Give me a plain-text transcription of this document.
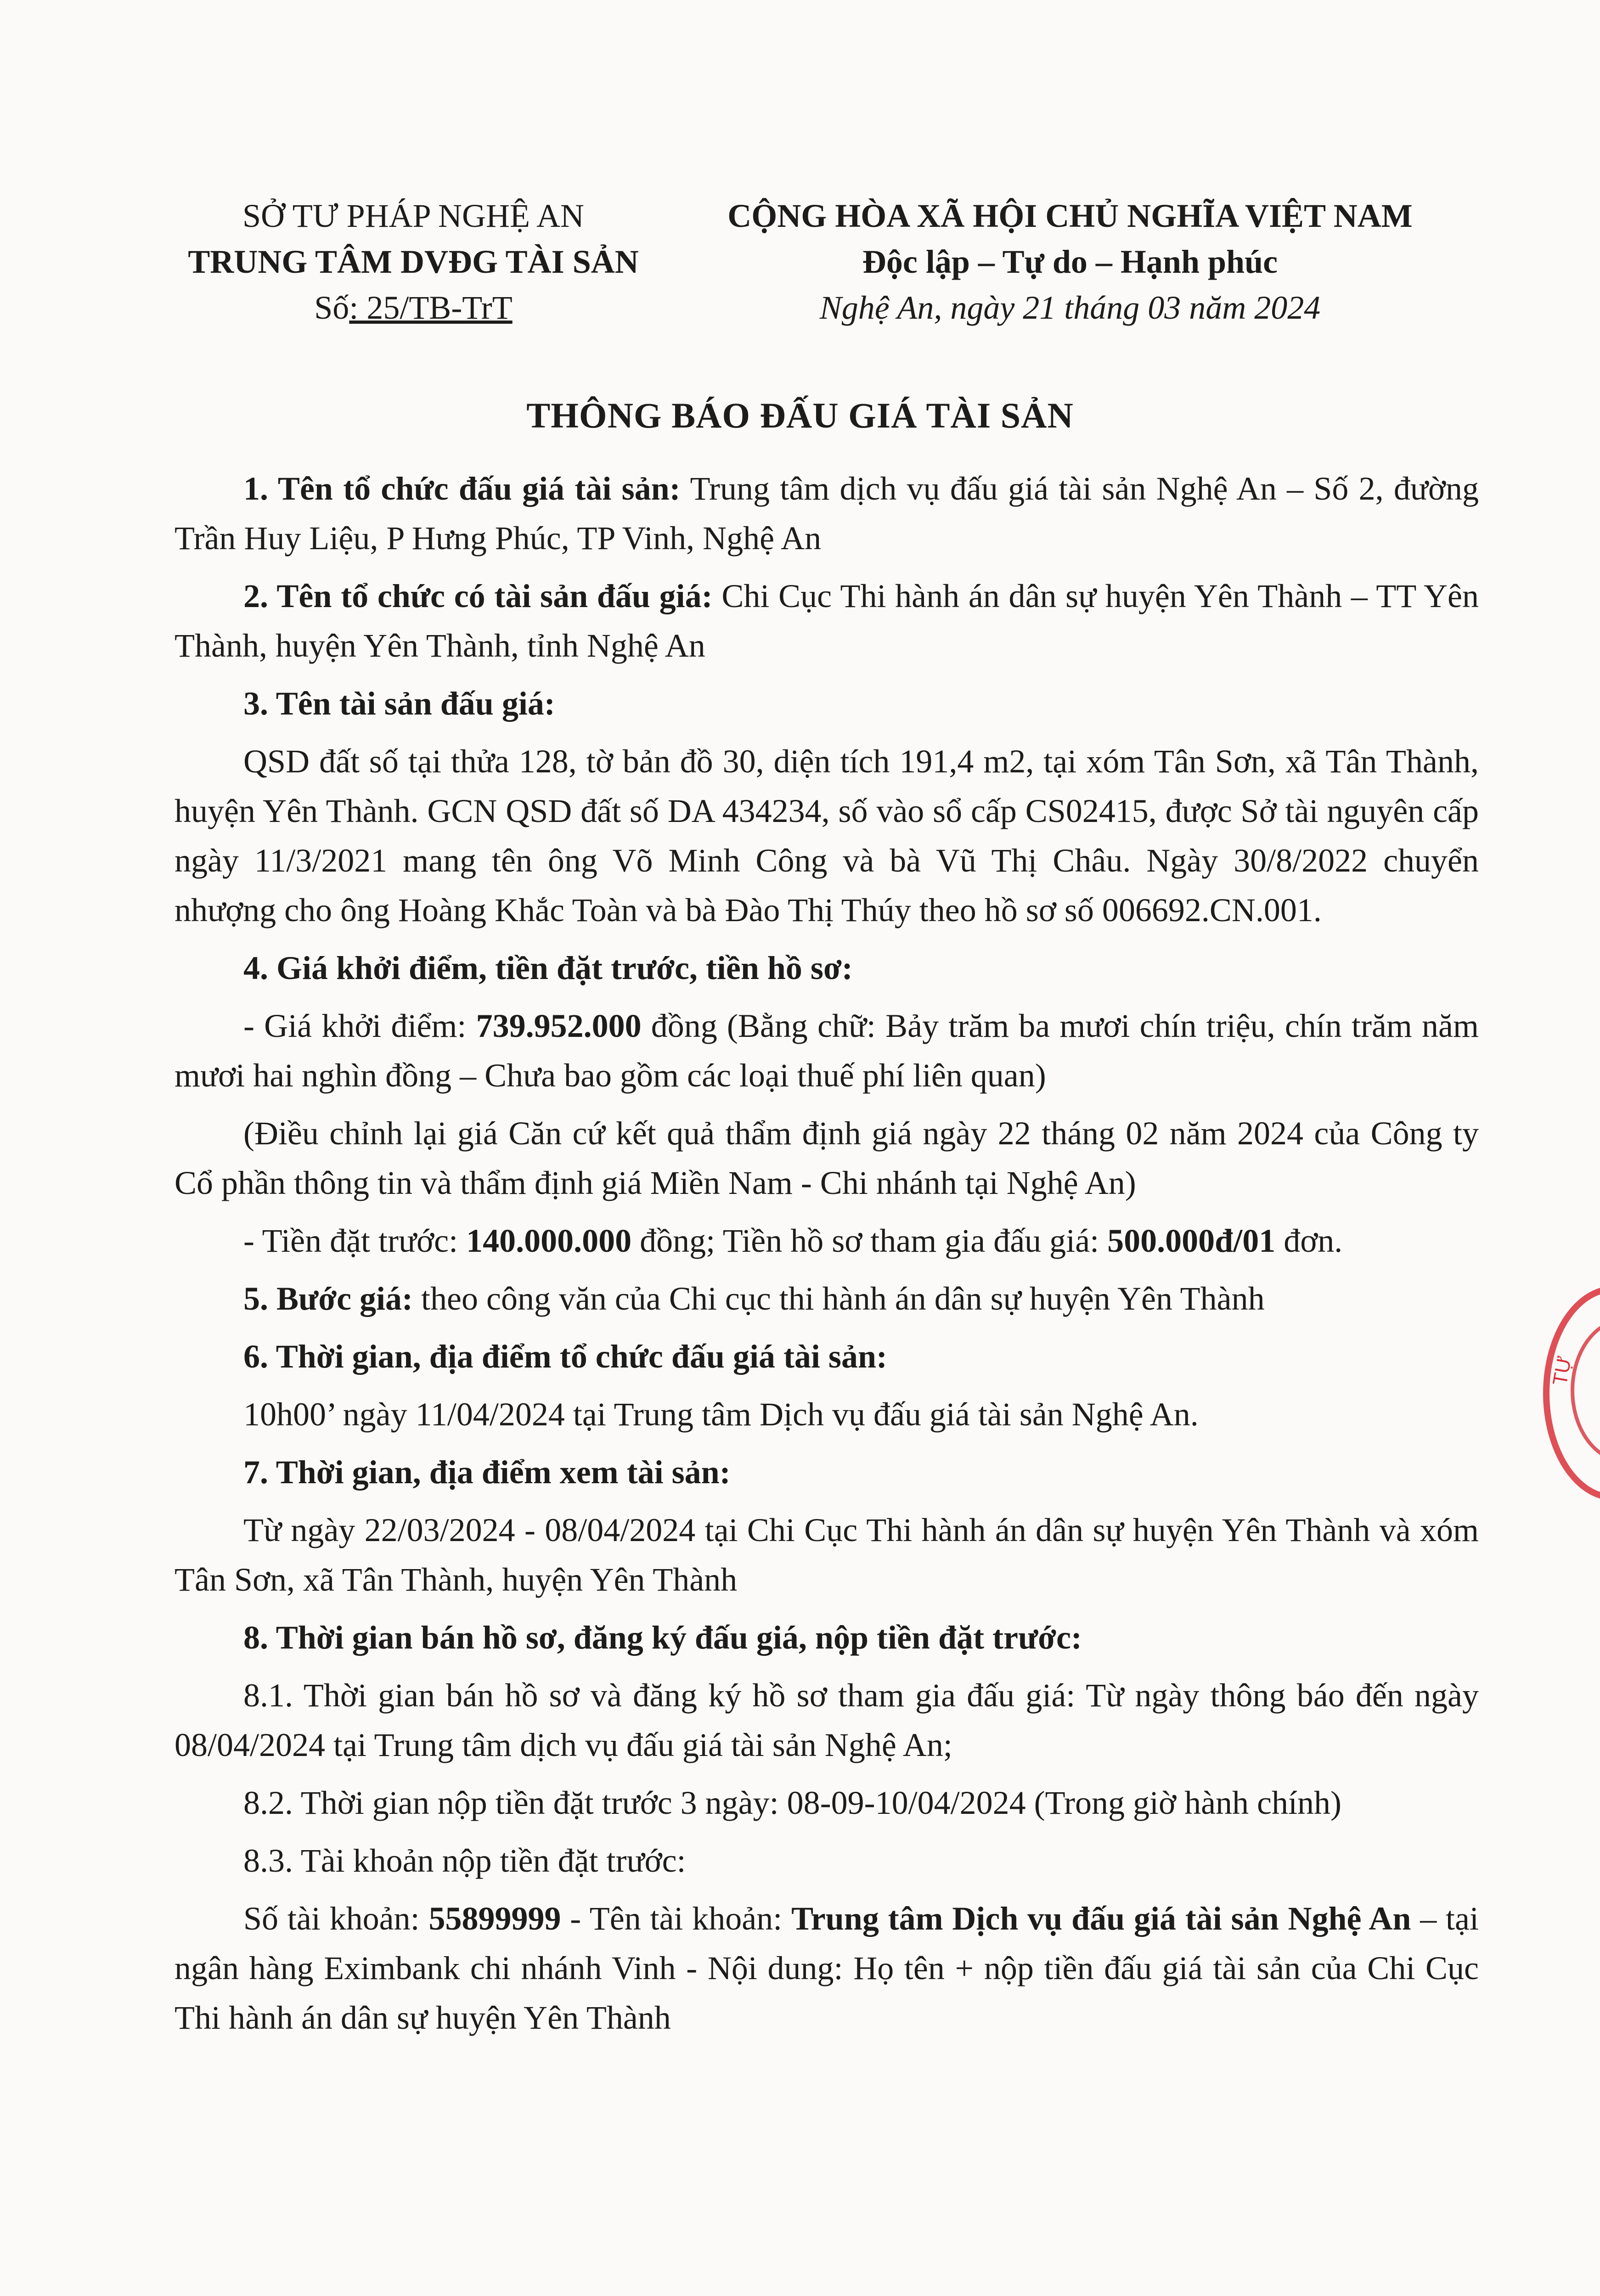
SỞ TƯ PHÁP NGHỆ AN
TRUNG TÂM DVĐG TÀI SẢN
Số: 25/TB-TrT
CỘNG HÒA XÃ HỘI CHỦ NGHĨA VIỆT NAM
Độc lập – Tự do – Hạnh phúc
Nghệ An, ngày 21 tháng 03 năm 2024
THÔNG BÁO ĐẤU GIÁ TÀI SẢN

1. Tên tổ chức đấu giá tài sản: Trung tâm dịch vụ đấu giá tài sản Nghệ An – Số 2, đường Trần Huy Liệu, P Hưng Phúc, TP Vinh, Nghệ An

2. Tên tổ chức có tài sản đấu giá: Chi Cục Thi hành án dân sự huyện Yên Thành – TT Yên Thành, huyện Yên Thành, tỉnh Nghệ An

3. Tên tài sản đấu giá:

QSD đất số tại thửa 128, tờ bản đồ 30, diện tích 191,4 m2, tại xóm Tân Sơn, xã Tân Thành, huyện Yên Thành. GCN QSD đất số DA 434234, số vào sổ cấp CS02415, được Sở tài nguyên cấp ngày 11/3/2021 mang tên ông Võ Minh Công và bà Vũ Thị Châu. Ngày 30/8/2022 chuyển nhượng cho ông Hoàng Khắc Toàn và bà Đào Thị Thúy theo hồ sơ số 006692.CN.001.

4. Giá khởi điểm, tiền đặt trước, tiền hồ sơ:

- Giá khởi điểm: 739.952.000 đồng (Bằng chữ: Bảy trăm ba mươi chín triệu, chín trăm năm mươi hai nghìn đồng – Chưa bao gồm các loại thuế phí liên quan)

(Điều chỉnh lại giá Căn cứ kết quả thẩm định giá ngày 22 tháng 02 năm 2024 của Công ty Cổ phần thông tin và thẩm định giá Miền Nam - Chi nhánh tại Nghệ An)

- Tiền đặt trước: 140.000.000 đồng; Tiền hồ sơ tham gia đấu giá: 500.000đ/01 đơn.

5. Bước giá: theo công văn của Chi cục thi hành án dân sự huyện Yên Thành

6. Thời gian, địa điểm tổ chức đấu giá tài sản:

10h00’ ngày 11/04/2024 tại Trung tâm Dịch vụ đấu giá tài sản Nghệ An.

7. Thời gian, địa điểm xem tài sản:

Từ ngày 22/03/2024 - 08/04/2024 tại Chi Cục Thi hành án dân sự huyện Yên Thành và xóm Tân Sơn, xã Tân Thành, huyện Yên Thành

8. Thời gian bán hồ sơ, đăng ký đấu giá, nộp tiền đặt trước:

8.1. Thời gian bán hồ sơ và đăng ký hồ sơ tham gia đấu giá: Từ ngày thông báo đến ngày 08/04/2024 tại Trung tâm dịch vụ đấu giá tài sản Nghệ An;

8.2. Thời gian nộp tiền đặt trước 3 ngày: 08-09-10/04/2024 (Trong giờ hành chính)

8.3. Tài khoản nộp tiền đặt trước:

Số tài khoản: 55899999 - Tên tài khoản: Trung tâm Dịch vụ đấu giá tài sản Nghệ An – tại ngân hàng Eximbank chi nhánh Vinh - Nội dung: Họ tên + nộp tiền đấu giá tài sản của Chi Cục Thi hành án dân sự huyện Yên Thành

TỰ
